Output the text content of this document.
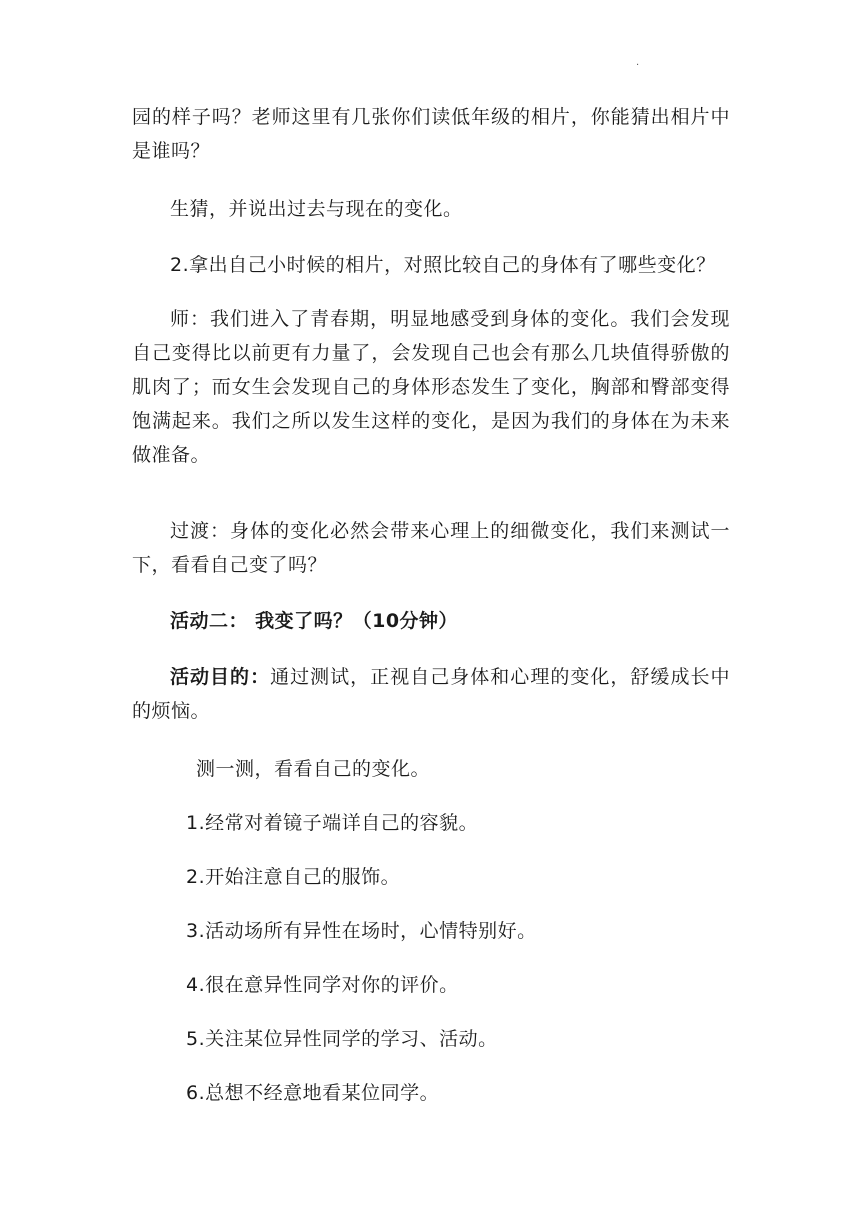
.

园的样子吗？老师这里有几张你们读低年级的相片，你能猜出相片中是谁吗？

生猜，并说出过去与现在的变化。

2.拿出自己小时候的相片，对照比较自己的身体有了哪些变化？

师：我们进入了青春期，明显地感受到身体的变化。我们会发现自己变得比以前更有力量了，会发现自己也会有那么几块值得骄傲的肌肉了；而女生会发现自己的身体形态发生了变化，胸部和臀部变得饱满起来。我们之所以发生这样的变化，是因为我们的身体在为未来做准备。

过渡：身体的变化必然会带来心理上的细微变化，我们来测试一下，看看自己变了吗？

活动二： 我变了吗？（10分钟）

活动目的：通过测试，正视自己身体和心理的变化，舒缓成长中的烦恼。

测一测，看看自己的变化。

1.经常对着镜子端详自己的容貌。

2.开始注意自己的服饰。

3.活动场所有异性在场时，心情特别好。

4.很在意异性同学对你的评价。

5.关注某位异性同学的学习、活动。

6.总想不经意地看某位同学。
